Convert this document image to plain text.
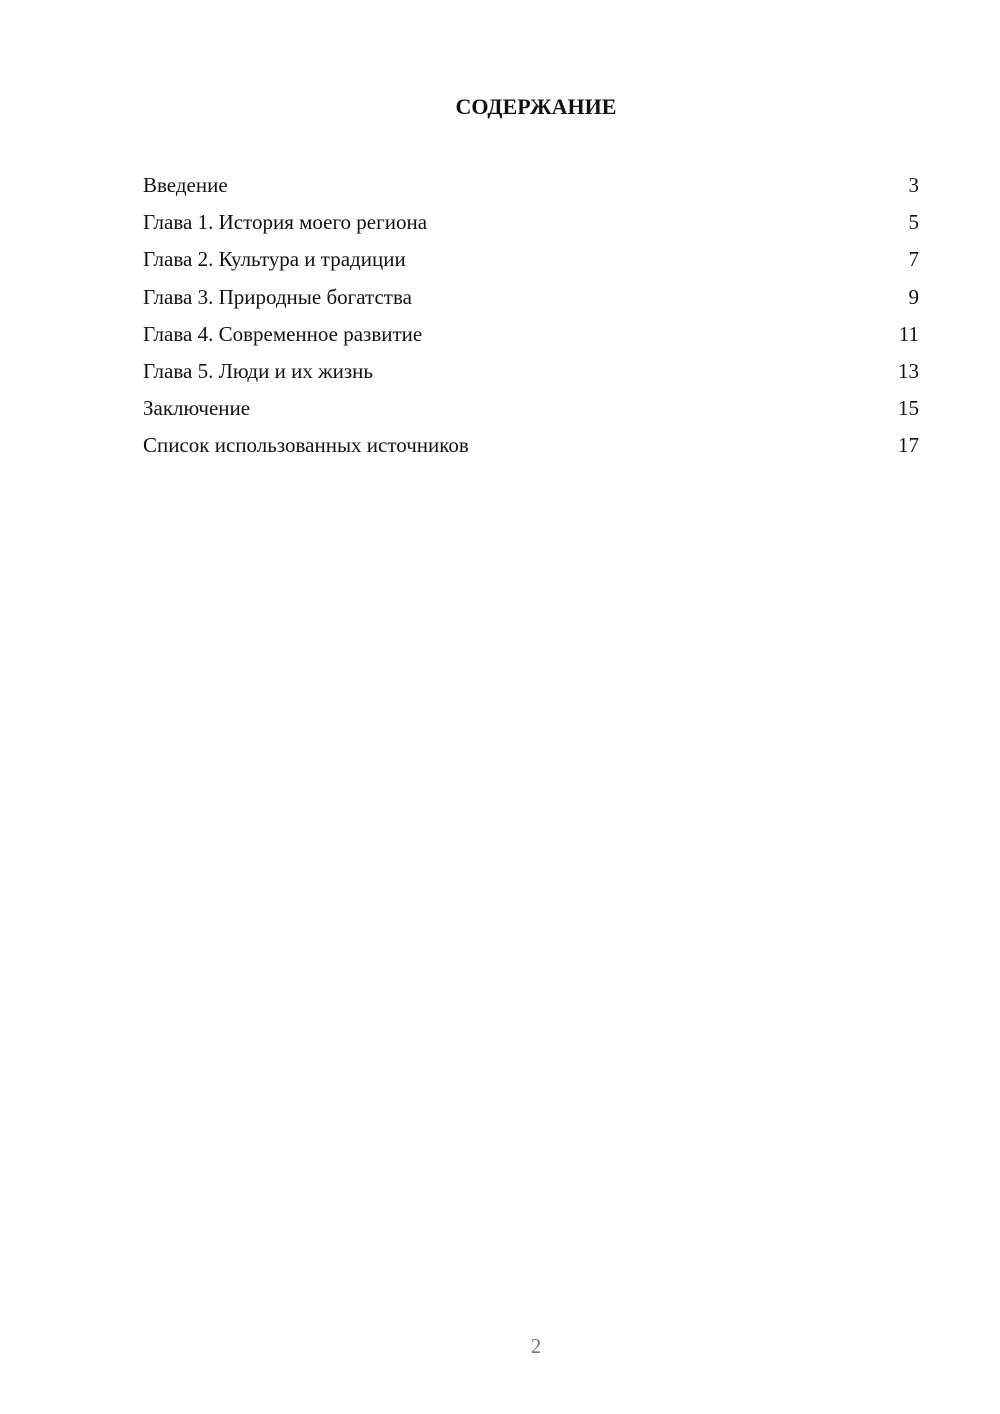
СОДЕРЖАНИЕ
Введение	3
Глава 1. История моего региона	5
Глава 2. Культура и традиции	7
Глава 3. Природные богатства	9
Глава 4. Современное развитие	11
Глава 5. Люди и их жизнь	13
Заключение	15
Список использованных источников	17
2
